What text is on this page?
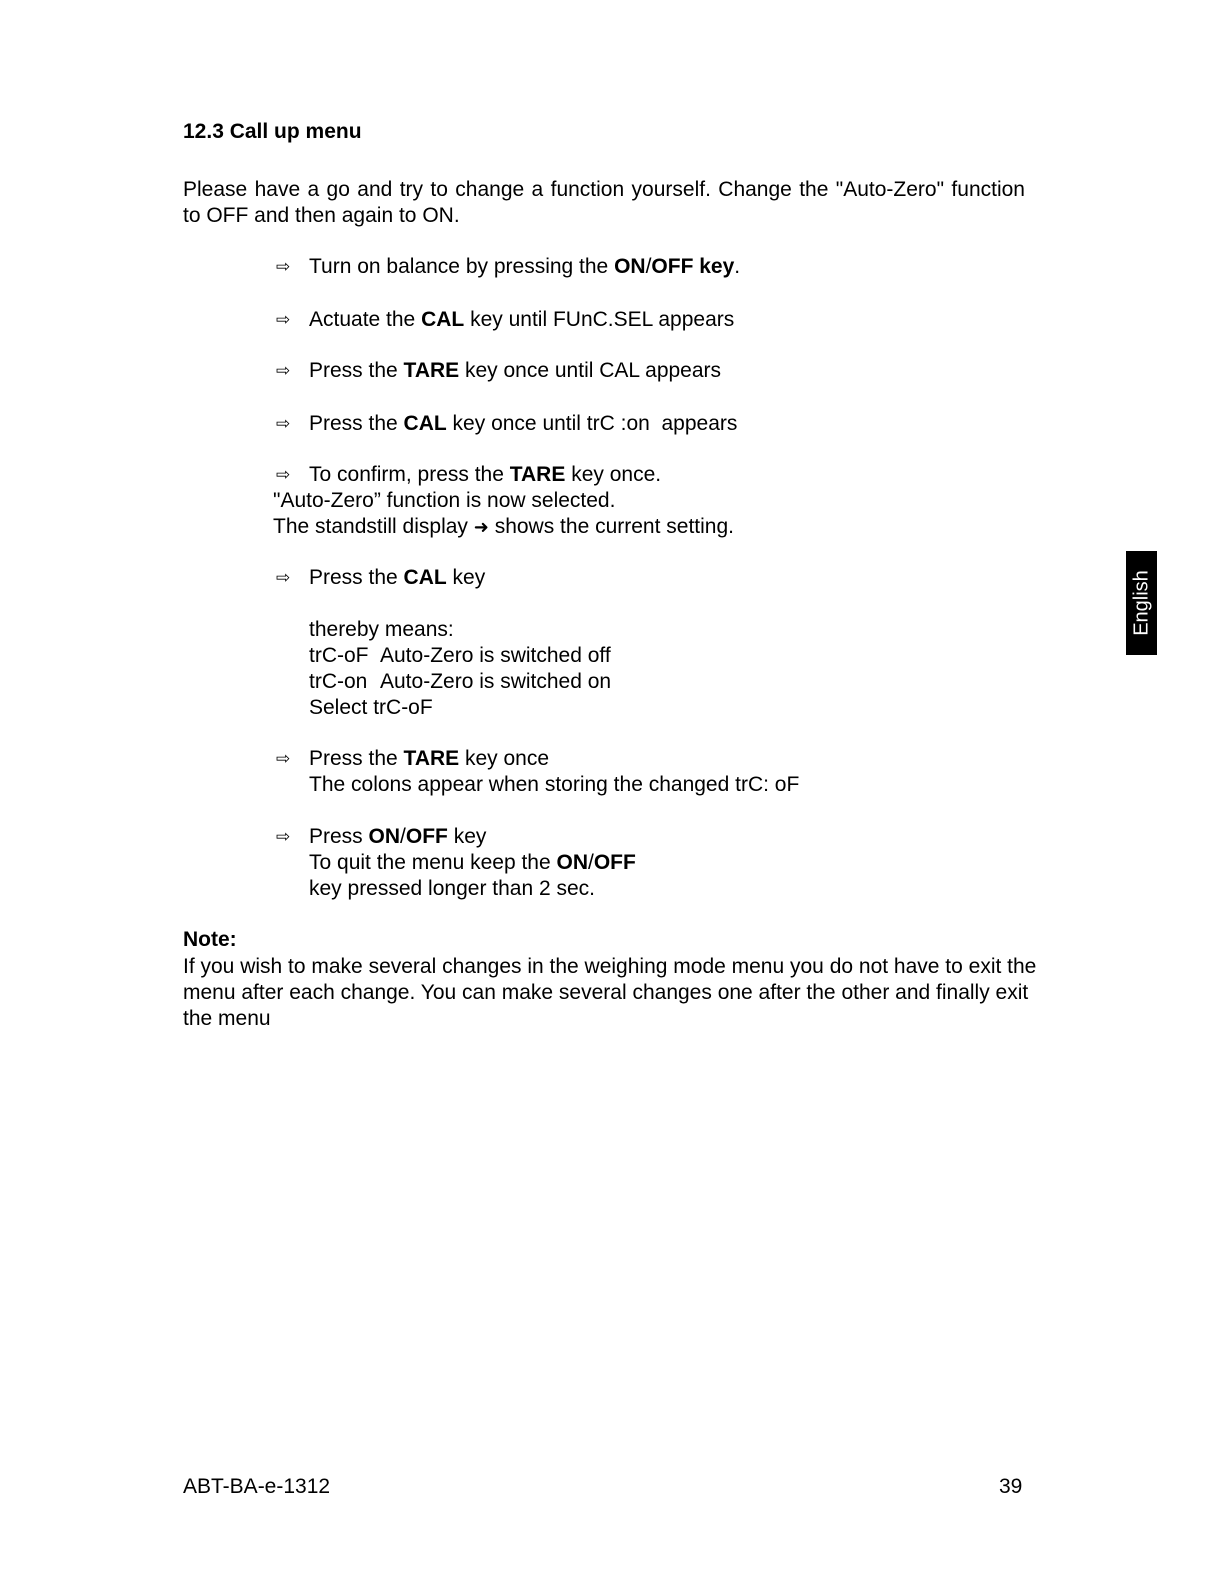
12.3 Call up menu
Please have a go and try to change a function yourself. Change the "Auto-Zero" function to OFF and then again to ON.
⇨ Turn on balance by pressing the ON/OFF key.
⇨ Actuate the CAL key until FUnC.SEL appears
⇨ Press the TARE key once until CAL appears
⇨ Press the CAL key once until trC :on  appears
⇨ To confirm, press the TARE key once.
"Auto-Zero” function is now selected.
The standstill display ➜ shows the current setting.
⇨ Press the CAL key
thereby means:
trC-oF Auto-Zero is switched off
trC-on Auto-Zero is switched on
Select trC-oF
⇨ Press the TARE key once
The colons appear when storing the changed trC: oF
⇨ Press ON/OFF key
To quit the menu keep the ON/OFF
key pressed longer than 2 sec.
Note:
If you wish to make several changes in the weighing mode menu you do not have to exit the menu after each change. You can make several changes one after the other and finally exit the menu
English
ABT-BA-e-1312	39
